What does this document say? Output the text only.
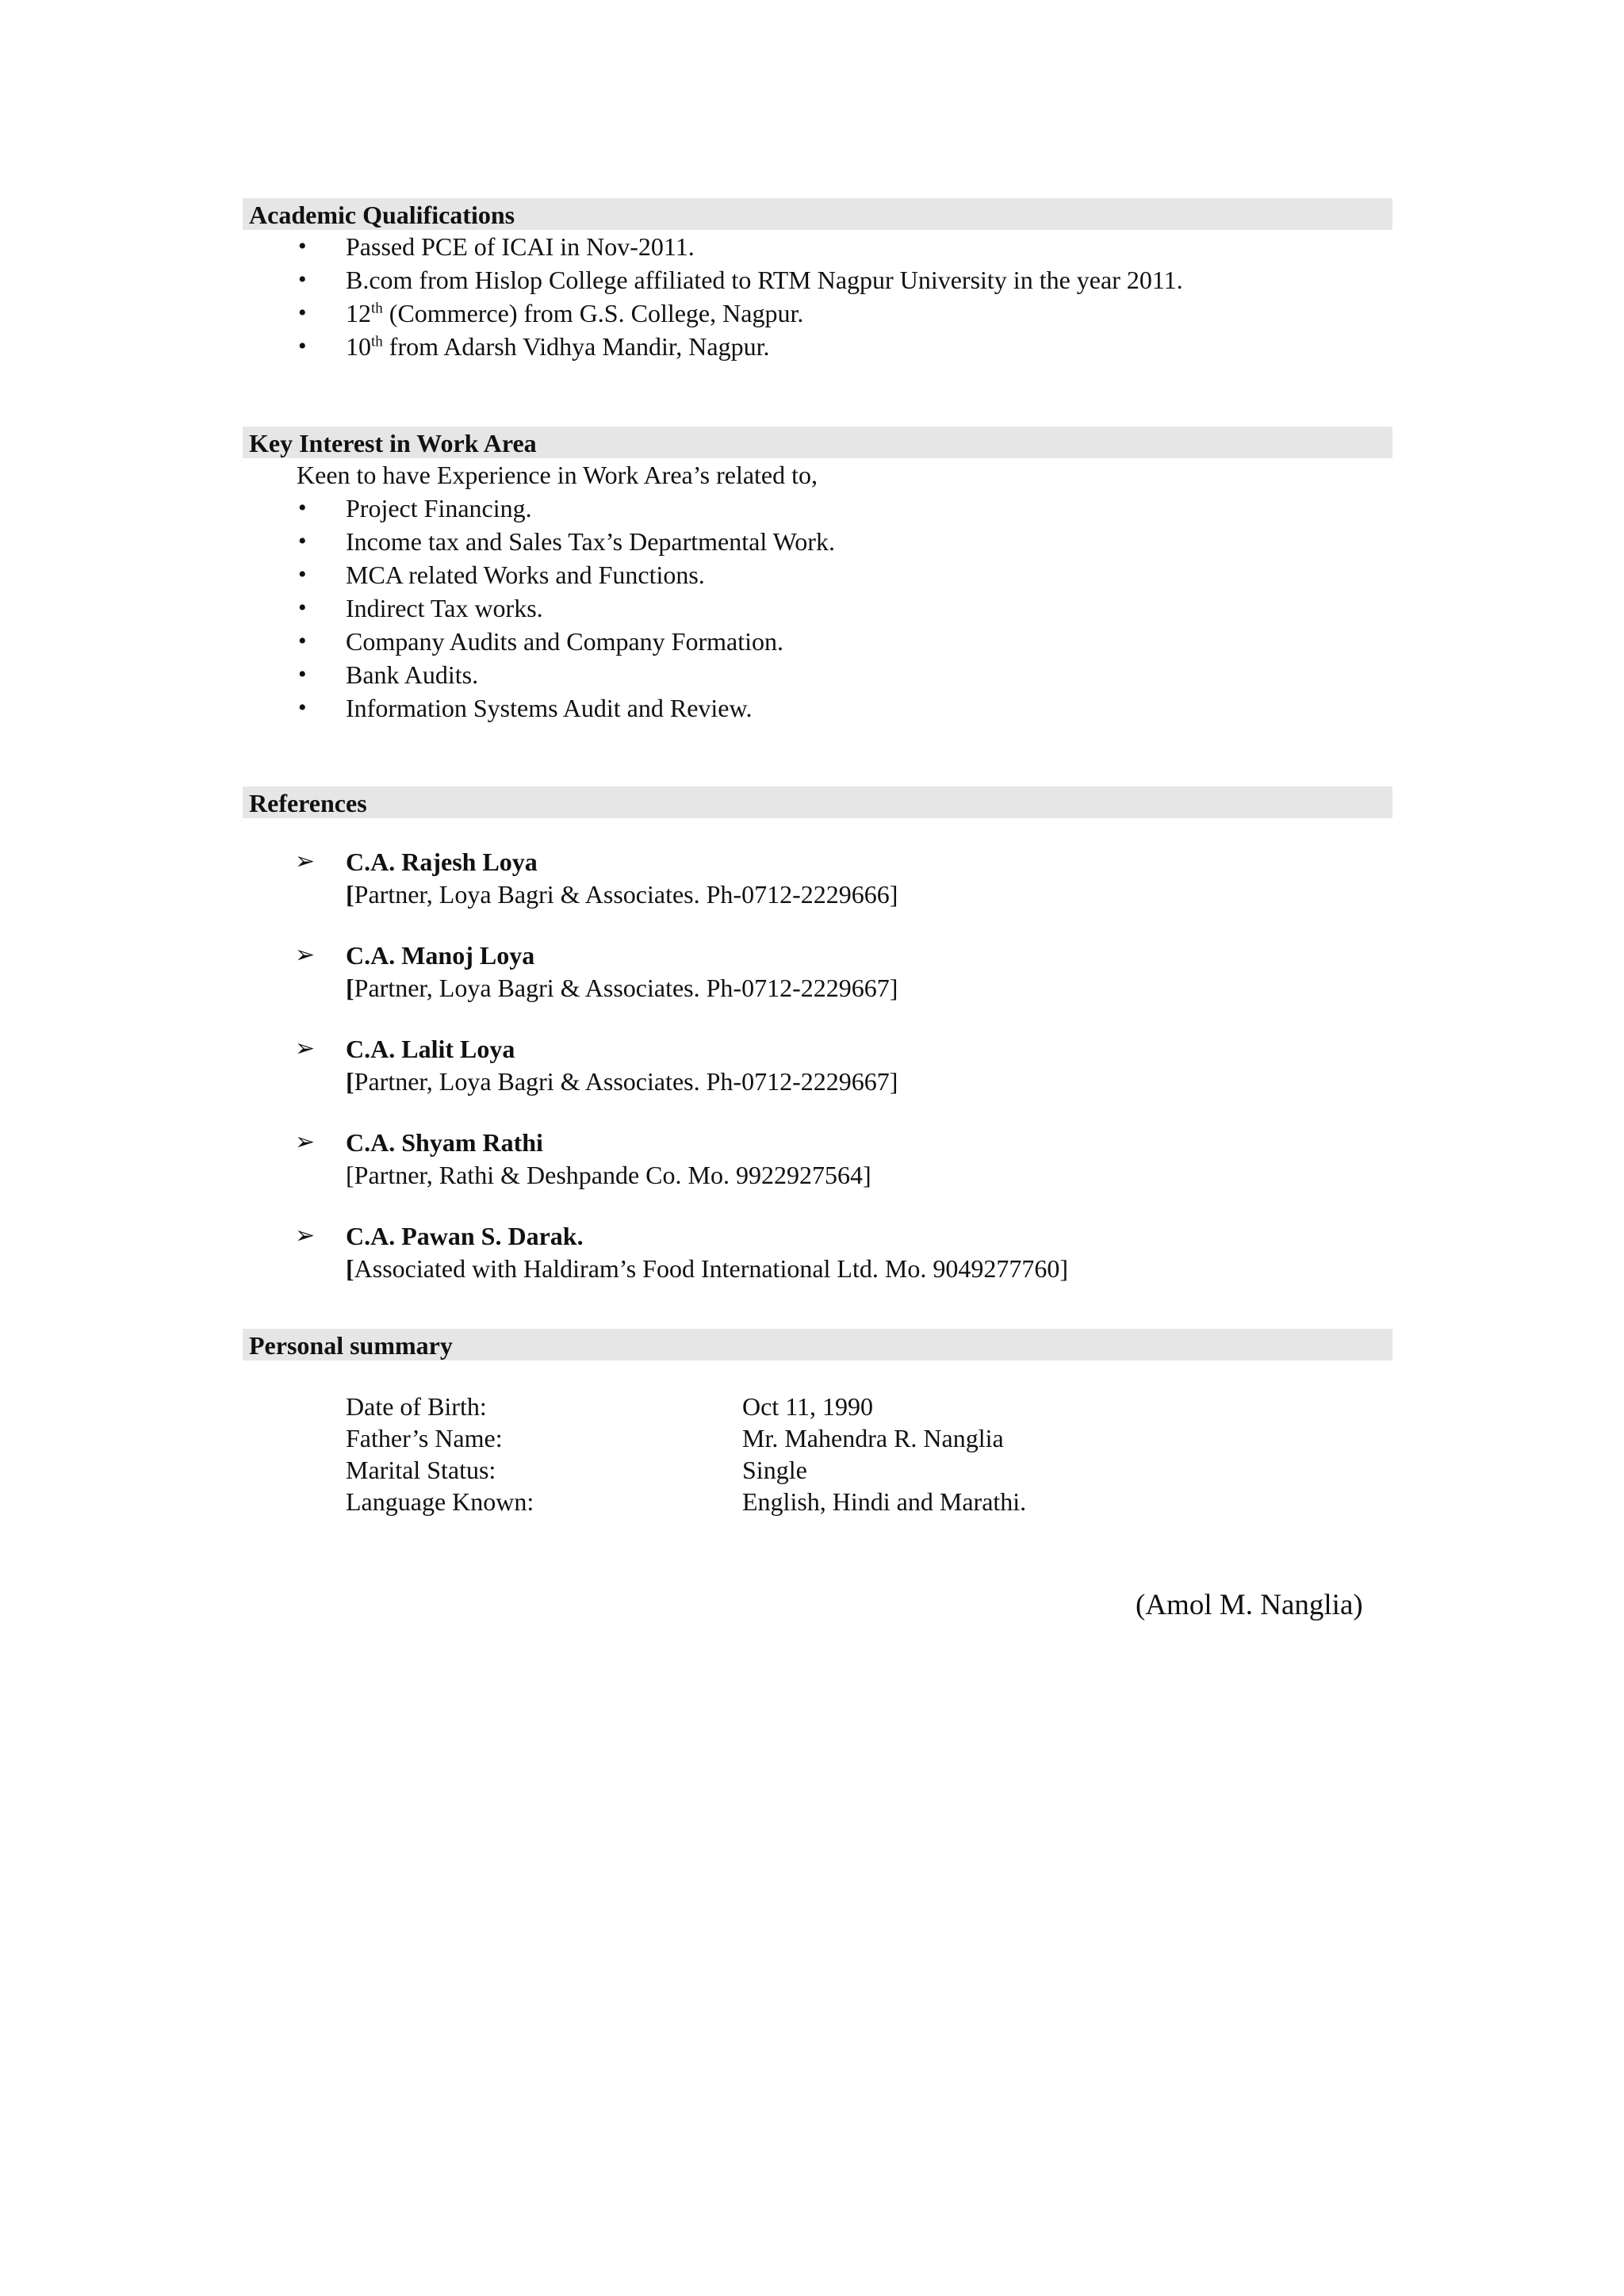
Academic Qualifications
• Passed PCE of ICAI in Nov-2011.
• B.com from Hislop College affiliated to RTM Nagpur University in the year 2011.
• 12th (Commerce) from G.S. College, Nagpur.
• 10th from Adarsh Vidhya Mandir, Nagpur.
Key Interest in Work Area
Keen to have Experience in Work Area’s related to,
• Project Financing.
• Income tax and Sales Tax’s Departmental Work.
• MCA related Works and Functions.
• Indirect Tax works.
• Company Audits and Company Formation.
• Bank Audits.
• Information Systems Audit and Review.
References
➢ C.A. Rajesh Loya
[Partner, Loya Bagri & Associates. Ph-0712-2229666]
➢ C.A. Manoj Loya
[Partner, Loya Bagri & Associates. Ph-0712-2229667]
➢ C.A. Lalit Loya
[Partner, Loya Bagri & Associates. Ph-0712-2229667]
➢ C.A. Shyam Rathi
[Partner, Rathi & Deshpande Co. Mo. 9922927564]
➢ C.A. Pawan S. Darak.
[Associated with Haldiram’s Food International Ltd. Mo. 9049277760]
Personal summary
Date of Birth:	Oct 11, 1990
Father’s Name:	Mr. Mahendra R. Nanglia
Marital Status:	Single
Language Known:	English, Hindi and Marathi.
(Amol M. Nanglia)
